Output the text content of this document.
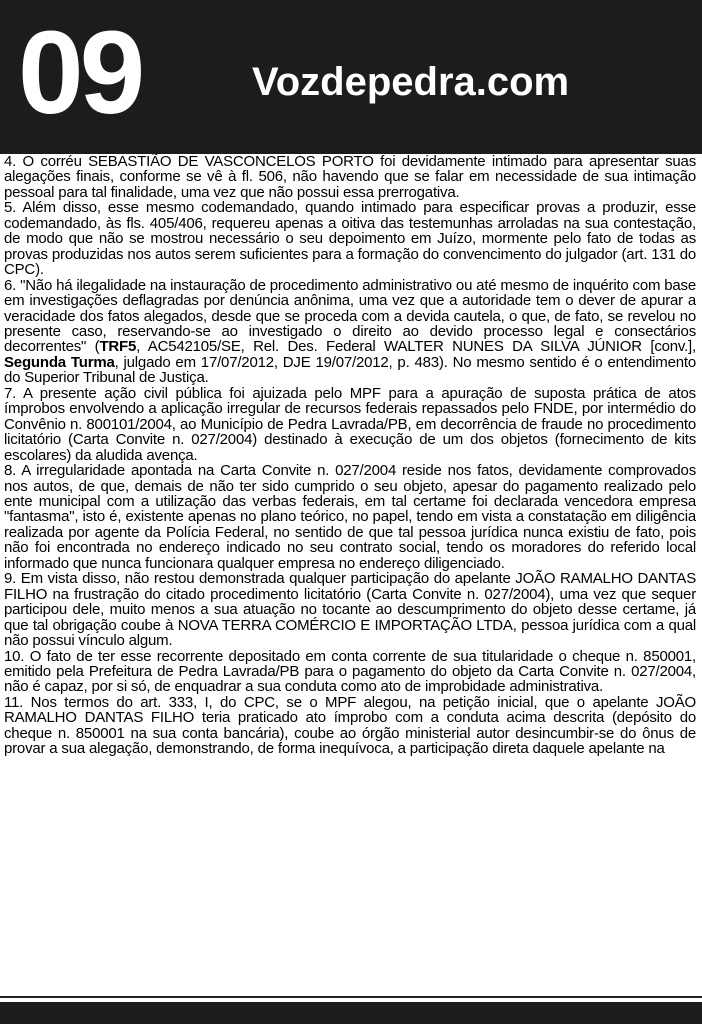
09	Vozdepedra.com

4. O corréu SEBASTIÃO DE VASCONCELOS PORTO foi devidamente intimado para apresentar suas alegações finais, conforme se vê à fl. 506, não havendo que se falar em necessidade de sua intimação pessoal para tal finalidade, uma vez que não possui essa prerrogativa.

5. Além disso, esse mesmo codemandado, quando intimado para especificar provas a produzir, esse codemandado, às fls. 405/406, requereu apenas a oitiva das testemunhas arroladas na sua contestação, de modo que não se mostrou necessário o seu depoimento em Juízo, mormente pelo fato de todas as provas produzidas nos autos serem suficientes para a formação do convencimento do julgador (art. 131 do CPC).

6. "Não há ilegalidade na instauração de procedimento administrativo ou até mesmo de inquérito com base em investigações deflagradas por denúncia anônima, uma vez que a autoridade tem o dever de apurar a veracidade dos fatos alegados, desde que se proceda com a devida cautela, o que, de fato, se revelou no presente caso, reservando-se ao investigado o direito ao devido processo legal e consectários decorrentes" (TRF5, AC542105/SE, Rel. Des. Federal WALTER NUNES DA SILVA JÚNIOR [conv.], Segunda Turma, julgado em 17/07/2012, DJE 19/07/2012, p. 483). No mesmo sentido é o entendimento do Superior Tribunal de Justiça.

7. A presente ação civil pública foi ajuizada pelo MPF para a apuração de suposta prática de atos ímprobos envolvendo a aplicação irregular de recursos federais repassados pelo FNDE, por intermédio do Convênio n. 800101/2004, ao Município de Pedra Lavrada/PB, em decorrência de fraude no procedimento licitatório (Carta Convite n. 027/2004) destinado à execução de um dos objetos (fornecimento de kits escolares) da aludida avença.

8. A irregularidade apontada na Carta Convite n. 027/2004 reside nos fatos, devidamente comprovados nos autos, de que, demais de não ter sido cumprido o seu objeto, apesar do pagamento realizado pelo ente municipal com a utilização das verbas federais, em tal certame foi declarada vencedora empresa "fantasma", isto é, existente apenas no plano teórico, no papel, tendo em vista a constatação em diligência realizada por agente da Polícia Federal, no sentido de que tal pessoa jurídica nunca existiu de fato, pois não foi encontrada no endereço indicado no seu contrato social, tendo os moradores do referido local informado que nunca funcionara qualquer empresa no endereço diligenciado.

9. Em vista disso, não restou demonstrada qualquer participação do apelante JOÃO RAMALHO DANTAS FILHO na frustração do citado procedimento licitatório (Carta Convite n. 027/2004), uma vez que sequer participou dele, muito menos a sua atuação no tocante ao descumprimento do objeto desse certame, já que tal obrigação coube à NOVA TERRA COMÉRCIO E IMPORTAÇÃO LTDA, pessoa jurídica com a qual não possui vínculo algum.

10. O fato de ter esse recorrente depositado em conta corrente de sua titularidade o cheque n. 850001, emitido pela Prefeitura de Pedra Lavrada/PB para o pagamento do objeto da Carta Convite n. 027/2004, não é capaz, por si só, de enquadrar a sua conduta como ato de improbidade administrativa.

11. Nos termos do art. 333, I, do CPC, se o MPF alegou, na petição inicial, que o apelante JOÃO RAMALHO DANTAS FILHO teria praticado ato ímprobo com a conduta acima descrita (depósito do cheque n. 850001 na sua conta bancária), coube ao órgão ministerial autor desincumbir-se do ônus de provar a sua alegação, demonstrando, de forma inequívoca, a participação direta daquele apelante na
